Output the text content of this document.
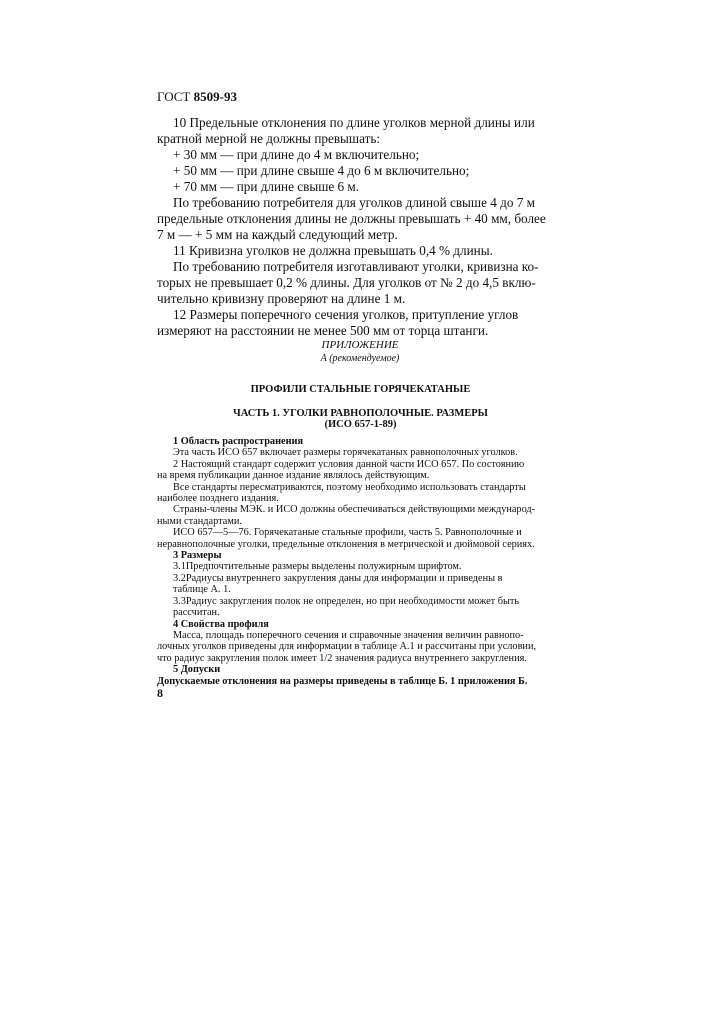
ГОСТ 8509-93
10 Предельные отклонения по длине уголков мерной длины или
кратной мерной не должны превышать:
+ 30 мм — при длине до 4 м включительно;
+ 50 мм — при длине свыше 4 до 6 м включительно;
+ 70 мм — при длине свыше 6 м.
По требованию потребителя для уголков длиной свыше 4 до 7 м
предельные отклонения длины не должны превышать + 40 мм, более
7 м — + 5 мм на каждый следующий метр.
11 Кривизна уголков не должна превышать 0,4 % длины.
По требованию потребителя изготавливают уголки, кривизна ко-
торых не превышает 0,2 % длины. Для уголков от № 2 до 4,5 вклю-
чительно кривизну проверяют на длине 1 м.
12 Размеры поперечного сечения уголков, притупление углов
измеряют на расстоянии не менее 500 мм от торца штанги.
ПРИЛОЖЕНИЕ
А (рекомендуемое)
ПРОФИЛИ СТАЛЬНЫЕ ГОРЯЧЕКАТАНЫЕ
ЧАСТЬ 1. УГОЛКИ РАВНОПОЛОЧНЫЕ. РАЗМЕРЫ
(ИСО 657-1-89)
1 Область распространения
Эта часть ИСО 657 включает размеры горячекатаных равнополочных уголков.
2 Настоящий стандарт содержит условия данной части ИСО 657. По состоянию
на время публикации данное издание являлось действующим.
Все стандарты пересматриваются, поэтому необходимо использовать стандарты
наиболее позднего издания.
Страны-члены МЭК. и ИСО должны обеспечиваться действующими международ-
ными стандартами.
ИСО 657—5—76. Горячекатаные стальные профили, часть 5. Равнополочные и
неравнополочные уголки, предельные отклонения в метрической и дюймовой сериях.
3 Размеры
3.1Предпочтительные размеры выделены полужирным шрифтом.
3.2Радиусы внутреннего закругления даны для информации и приведены в
таблице А. 1.
3.3Радиус закругления полок не определен, но при необходимости может быть
рассчитан.
4 Свойства профиля
Масса, площадь поперечного сечения и справочные значения величин равнопо-
лочных уголков приведены для информации в таблице А.1 и рассчитаны при условии,
что радиус закругления полок имеет 1/2 значения радиуса внутреннего закругления.
5 Допуски
Допускаемые отклонения на размеры приведены в таблице Б. 1 приложения Б.
8
